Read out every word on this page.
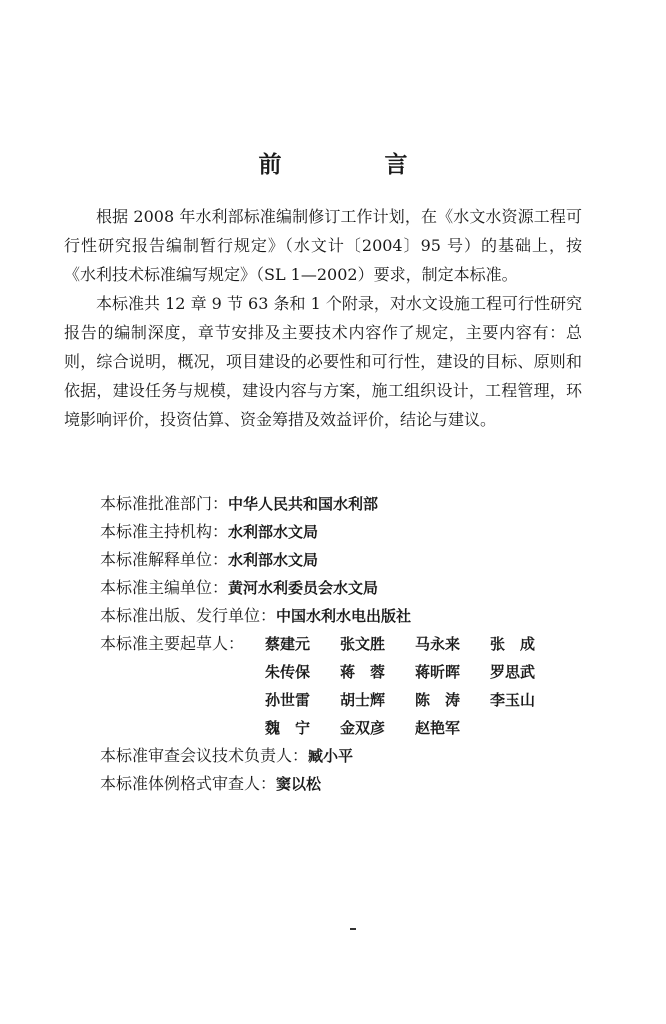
前　言

根据 2008 年水利部标准编制修订工作计划，在《水文水资源工程可行性研究报告编制暂行规定》（水文计〔2004〕95 号）的基础上，按《水利技术标准编写规定》（SL 1—2002）要求，制定本标准。

本标准共 12 章 9 节 63 条和 1 个附录，对水文设施工程可行性研究报告的编制深度，章节安排及主要技术内容作了规定，主要内容有：总则，综合说明，概况，项目建设的必要性和可行性，建设的目标、原则和依据，建设任务与规模，建设内容与方案，施工组织设计，工程管理，环境影响评价，投资估算、资金筹措及效益评价，结论与建议。

本标准批准部门：中华人民共和国水利部
本标准主持机构：水利部水文局
本标准解释单位：水利部水文局
本标准主编单位：黄河水利委员会水文局
本标准出版、发行单位：中国水利水电出版社
本标准主要起草人： 蔡建元 张文胜 马永来 张　成
朱传保 蒋　蓉 蒋昕晖 罗思武
孙世雷 胡士辉 陈　涛 李玉山
魏　宁 金双彦 赵艳军
本标准审查会议技术负责人：臧小平
本标准体例格式审查人：窦以松
